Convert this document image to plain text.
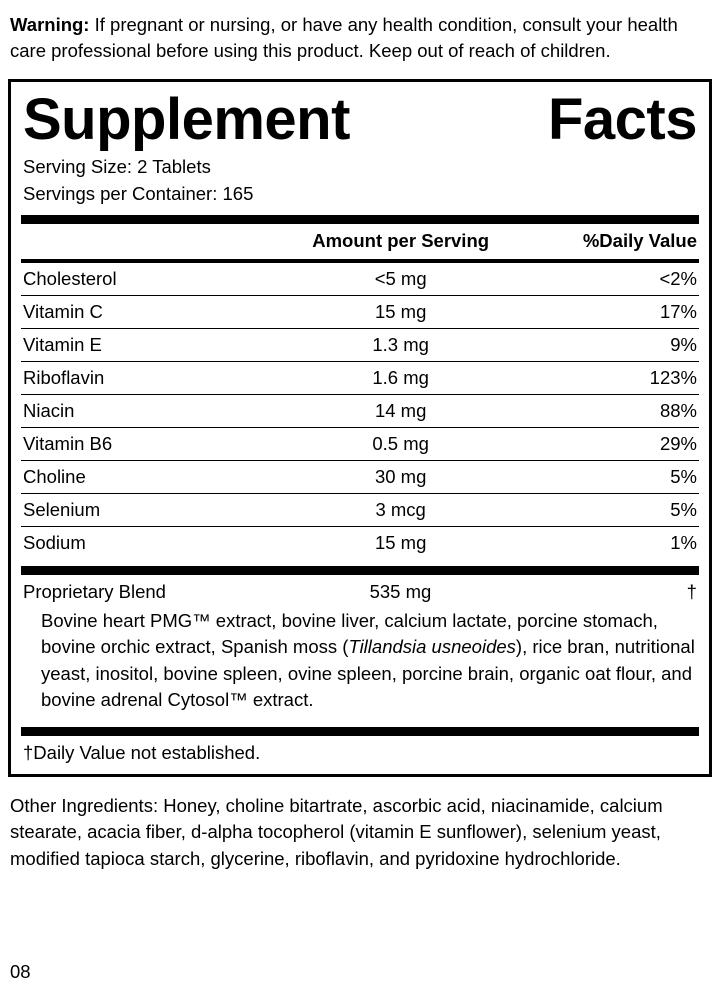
Warning: If pregnant or nursing, or have any health condition, consult your health care professional before using this product. Keep out of reach of children.

Supplement	Facts
Serving Size: 2 Tablets
Servings per Container: 165
	Amount per Serving	%Daily Value
Cholesterol	<5 mg	<2%
Vitamin C	15 mg	17%
Vitamin E	1.3 mg	9%
Riboflavin	1.6 mg	123%
Niacin	14 mg	88%
Vitamin B6	0.5 mg	29%
Choline	30 mg	5%
Selenium	3 mcg	5%
Sodium	15 mg	1%
Proprietary Blend	535 mg	†
Bovine heart PMG™ extract, bovine liver, calcium lactate, porcine stomach, bovine orchic extract, Spanish moss (Tillandsia usneoides), rice bran, nutritional yeast, inositol, bovine spleen, ovine spleen, porcine brain, organic oat flour, and bovine adrenal Cytosol™ extract.
†Daily Value not established.

Other Ingredients: Honey, choline bitartrate, ascorbic acid, niacinamide, calcium stearate, acacia fiber, d-alpha tocopherol (vitamin E sunflower), selenium yeast, modified tapioca starch, glycerine, riboflavin, and pyridoxine hydrochloride.

08
